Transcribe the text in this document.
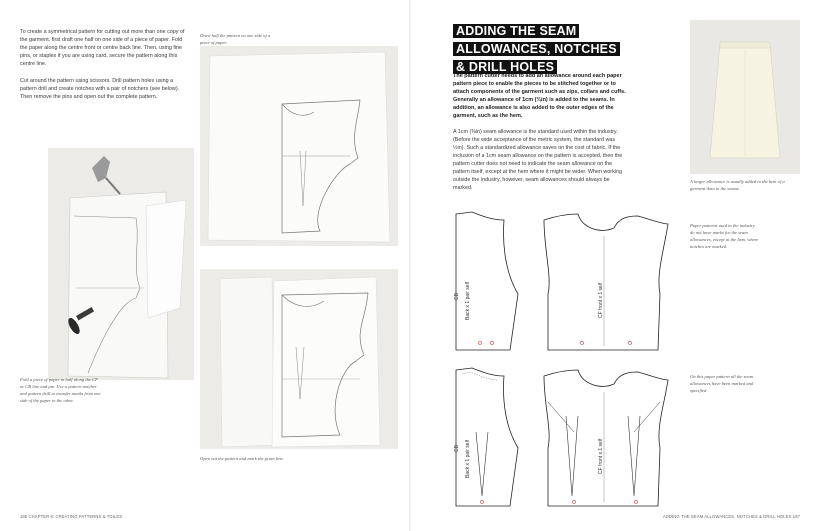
To create a symmetrical pattern for cutting out more than one copy of the garment, first draft one half on one side of a piece of paper. Fold the paper along the centre front or centre back line. Then, using fine pins, or staples if you are using card, secure the pattern along this centre line.
Cut around the pattern using scissors. Drill pattern holes using a pattern drill and create notches with a pair of notchers (see below). Then remove the pins and open out the complete pattern.
Draw half the pattern on one side of a piece of paper.
Fold a piece of paper in half along the CF or CB line and pin. Use a pattern notcher and pattern drill to transfer marks from one side of the paper to the other.
Open out the pattern and mark the grain line.
186 CHAPTER 6: CREATING PATTERNS & TOILES
ADDING THE SEAM
ALLOWANCES, NOTCHES
& DRILL HOLES
The pattern cutter needs to add an allowance around each paper pattern piece to enable the pieces to be stitched together or to attach components of the garment such as zips, collars and cuffs. Generally an allowance of 1cm (⅜in) is added to the seams. In addition, an allowance is also added to the outer edges of the garment, such as the hem.
A 1cm (⅜in) seam allowance is the standard used within the industry. (Before the wide acceptance of the metric system, the standard was ½in). Such a standardized allowance saves on the cost of fabric. If the inclusion of a 1cm seam allowance on the pattern is accepted, then the pattern cutter does not need to indicate the seam allowance on the pattern itself, except at the hem where it might be wider. When working outside the industry, however, seam allowances should always be marked.
A larger allowance is usually added to the hem of a garment than to the seams.
CB Back x 1 pair self	CF front x 1 self
Paper patterns used in the industry do not have marks for the seam allowances, except at the hem, where notches are marked.
CB Back x 1 pair self	CF front x 1 self
On this paper pattern all the seam allowances have been marked and specified.
ADDING THE SEAM ALLOWANCES, NOTCHES & DRILL HOLES 187
